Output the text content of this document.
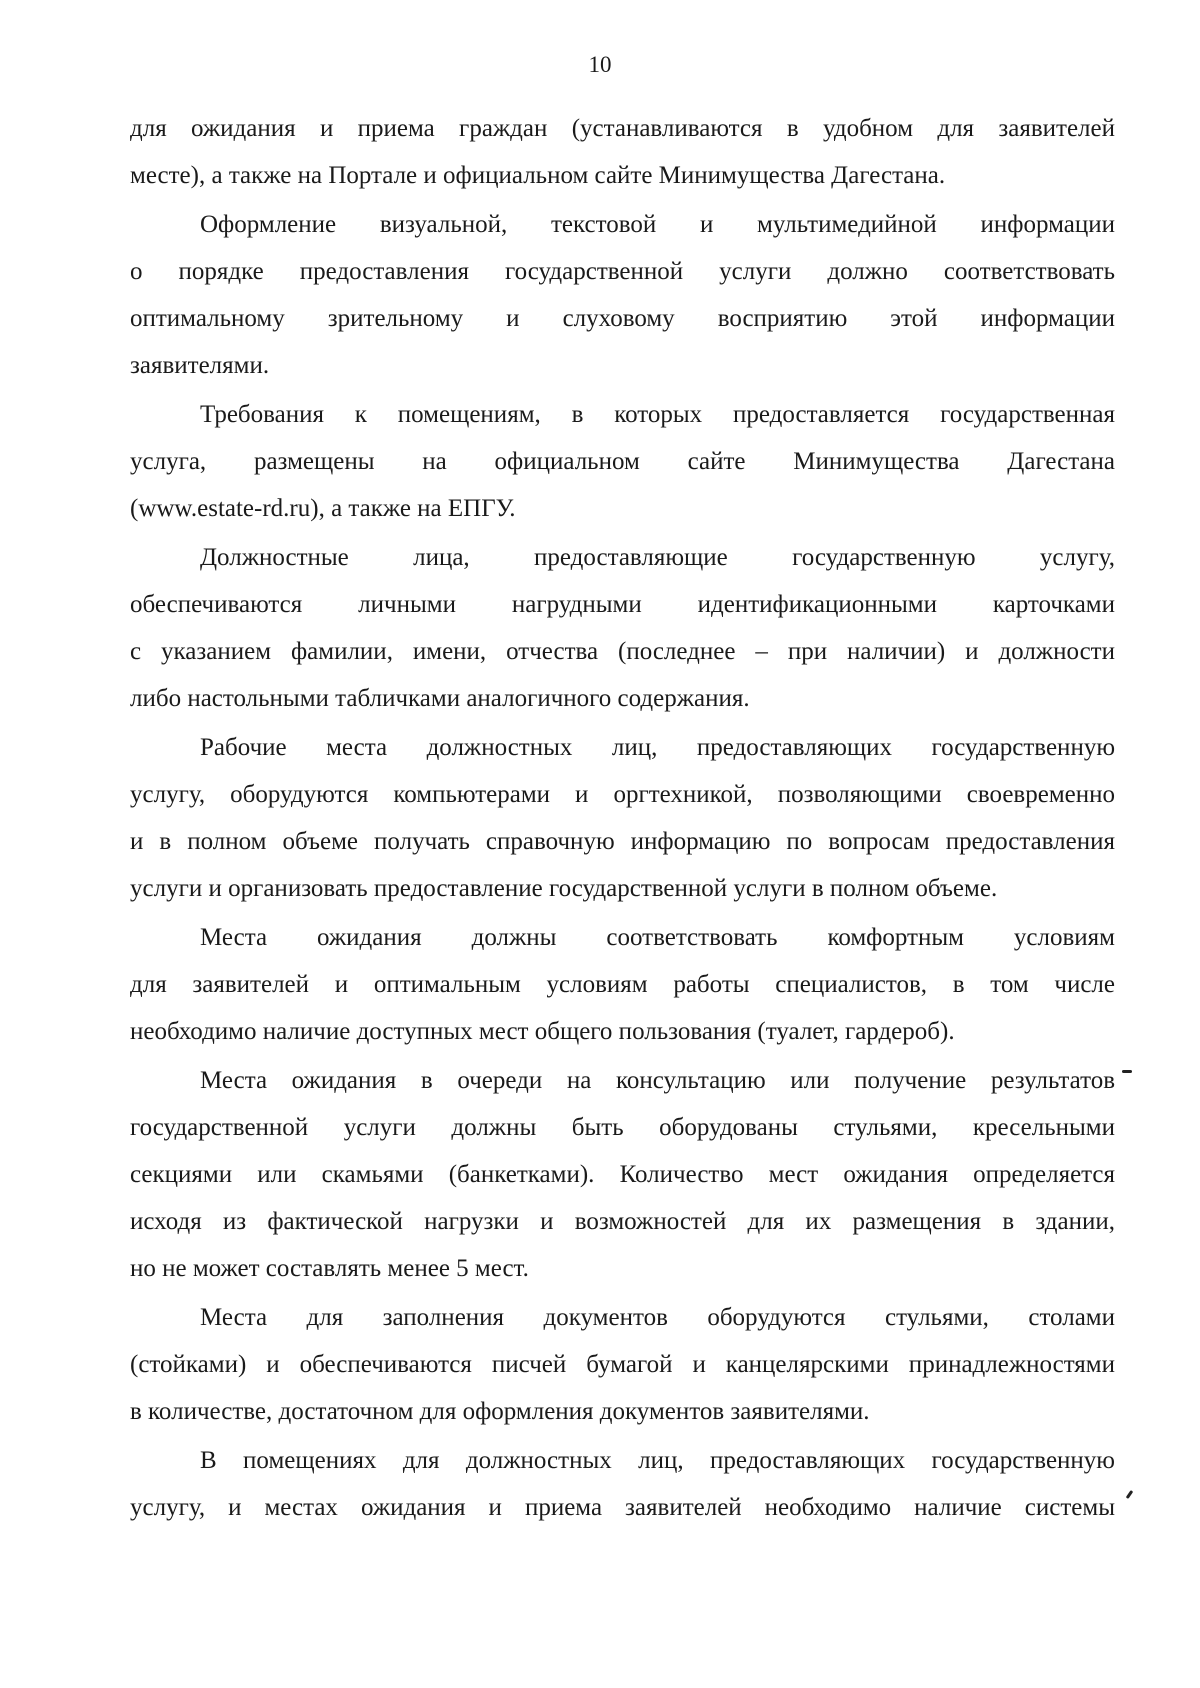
10
для ожидания и приема граждан (устанавливаются в удобном для заявителей
месте), а также на Портале и официальном сайте Минимущества Дагестана.
Оформление визуальной, текстовой и мультимедийной информации
о порядке предоставления государственной услуги должно соответствовать
оптимальному зрительному и слуховому восприятию этой информации
заявителями.
Требования к помещениям, в которых предоставляется государственная
услуга, размещены на официальном сайте Минимущества Дагестана
(www.estate-rd.ru), а также на ЕПГУ.
Должностные лица, предоставляющие государственную услугу,
обеспечиваются личными нагрудными идентификационными карточками
с указанием фамилии, имени, отчества (последнее – при наличии) и должности
либо настольными табличками аналогичного содержания.
Рабочие места должностных лиц, предоставляющих государственную
услугу, оборудуются компьютерами и оргтехникой, позволяющими своевременно
и в полном объеме получать справочную информацию по вопросам предоставления
услуги и организовать предоставление государственной услуги в полном объеме.
Места ожидания должны соответствовать комфортным условиям
для заявителей и оптимальным условиям работы специалистов, в том числе
необходимо наличие доступных мест общего пользования (туалет, гардероб).
Места ожидания в очереди на консультацию или получение результатов
государственной услуги должны быть оборудованы стульями, кресельными
секциями или скамьями (банкетками). Количество мест ожидания определяется
исходя из фактической нагрузки и возможностей для их размещения в здании,
но не может составлять менее 5 мест.
Места для заполнения документов оборудуются стульями, столами
(стойками) и обеспечиваются писчей бумагой и канцелярскими принадлежностями
в количестве, достаточном для оформления документов заявителями.
В помещениях для должностных лиц, предоставляющих государственную
услугу, и местах ожидания и приема заявителей необходимо наличие системы
